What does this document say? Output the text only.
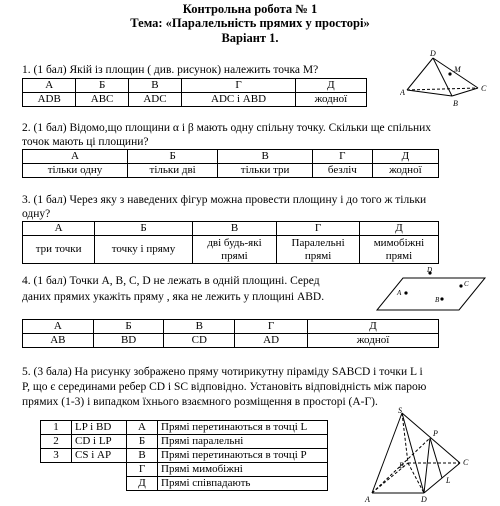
Контрольна робота № 1
Тема: «Паралельність прямих у просторі»
Варіант 1.
1. (1 бал) Якій із площин ( див. рисунок) належить точка М?
А	Б	В	Г	Д
ADB	ABC	ADC	ADC і ABD	жодної
D
M
A	C
B
2. (1 бал) Відомо,що площини α і β мають одну спільну точку. Скільки ще спільних
точок мають ці площини?
А	Б	В	Г	Д
тільки одну	тільки дві	тільки три	безліч	жодної
3. (1 бал) Через яку з наведених фігур можна провести площину і до того ж тільки
одну?
А	Б	В	Г	Д
три точки	точку і пряму	дві будь-які
прямі	Паралельні
прямі	мимобіжні
прямі
4. (1 бал) Точки A, B, C, D не лежать в одній площині. Серед
даних прямих укажіть пряму , яка не лежить у площині ABD.
D
A
C
B
А	Б	В	Г	Д
AB	BD	CD	AD	жодної
5. (3 бала) На рисунку зображено пряму чотирикутну піраміду SABCD і точки L і
P, що є серединами ребер CD і SC відповідно. Установіть відповідність між парою
прямих (1-3) і випадком їхнього взаємного розміщення в просторі (А-Г).
1	LP і BD	А	Прямі перетинаються в точці L
2	CD і LP	Б	Прямі паралельні
3	CS і AP	В	Прямі перетинаються в точці P
		Г	Прямі мимобіжні
		Д	Прямі співпадають
S
P
B	C
L
A	D
